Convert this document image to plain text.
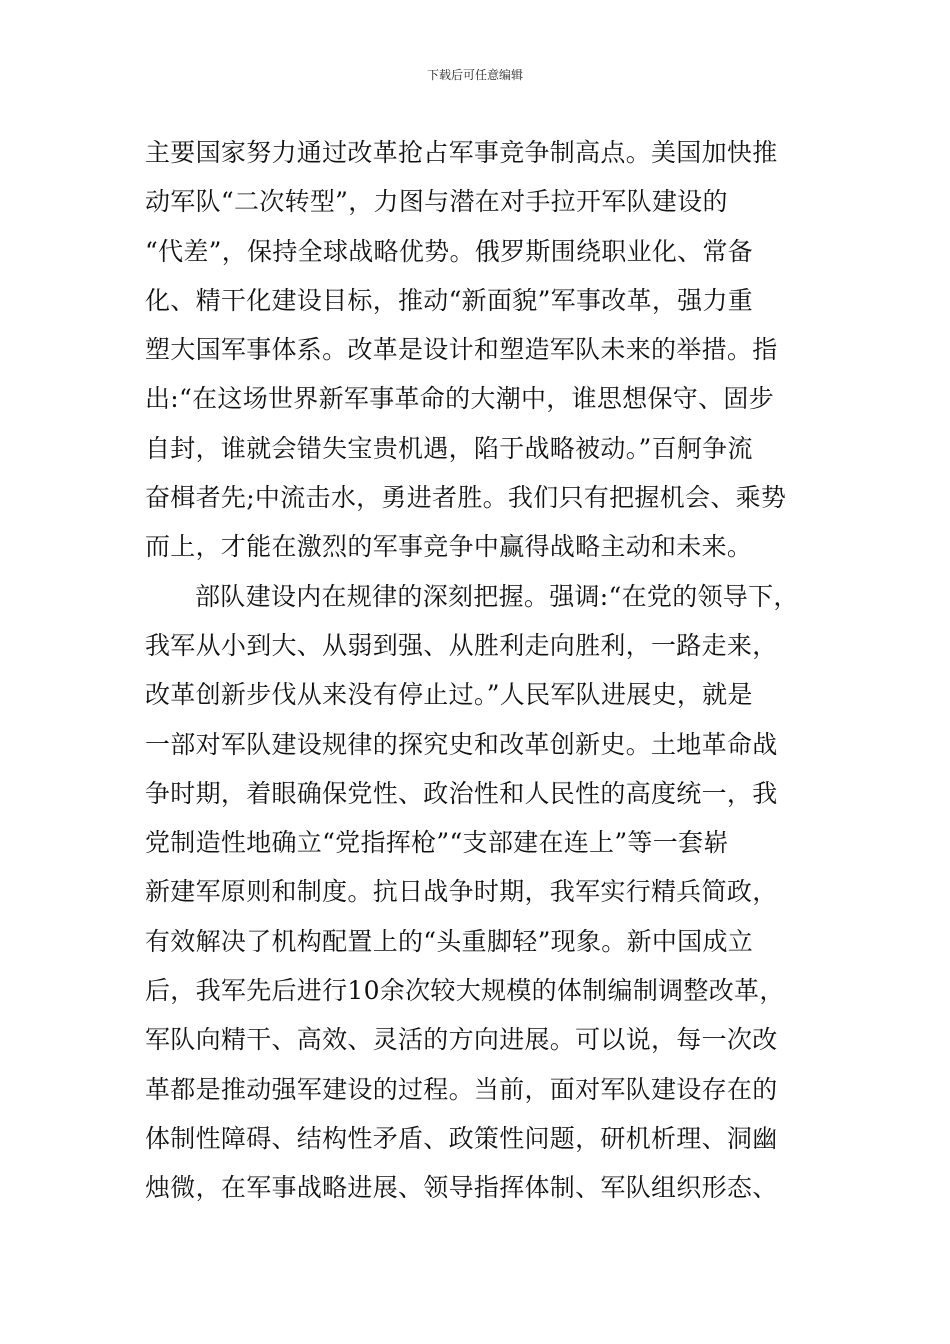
下载后可任意编辑
主要国家努力通过改革抢占军事竞争制高点。美国加快推
动军队“二次转型”，力图与潜在对手拉开军队建设的
“代差”，保持全球战略优势。俄罗斯围绕职业化、常备
化、精干化建设目标，推动“新面貌”军事改革，强力重
塑大国军事体系。改革是设计和塑造军队未来的举措。指
出:“在这场世界新军事革命的大潮中，谁思想保守、固步
自封，谁就会错失宝贵机遇，陷于战略被动。”百舸争流
奋楫者先;中流击水，勇进者胜。我们只有把握机会、乘势
而上，才能在激烈的军事竞争中赢得战略主动和未来。
部队建设内在规律的深刻把握。强调:“在党的领导下，
我军从小到大、从弱到强、从胜利走向胜利，一路走来，
改革创新步伐从来没有停止过。”人民军队进展史，就是
一部对军队建设规律的探究史和改革创新史。土地革命战
争时期，着眼确保党性、政治性和人民性的高度统一，我
党制造性地确立“党指挥枪”“支部建在连上”等一套崭
新建军原则和制度。抗日战争时期，我军实行精兵简政，
有效解决了机构配置上的“头重脚轻”现象。新中国成立
后，我军先后进行10余次较大规模的体制编制调整改革，
军队向精干、高效、灵活的方向进展。可以说，每一次改
革都是推动强军建设的过程。当前，面对军队建设存在的
体制性障碍、结构性矛盾、政策性问题，研机析理、洞幽
烛微，在军事战略进展、领导指挥体制、军队组织形态、
